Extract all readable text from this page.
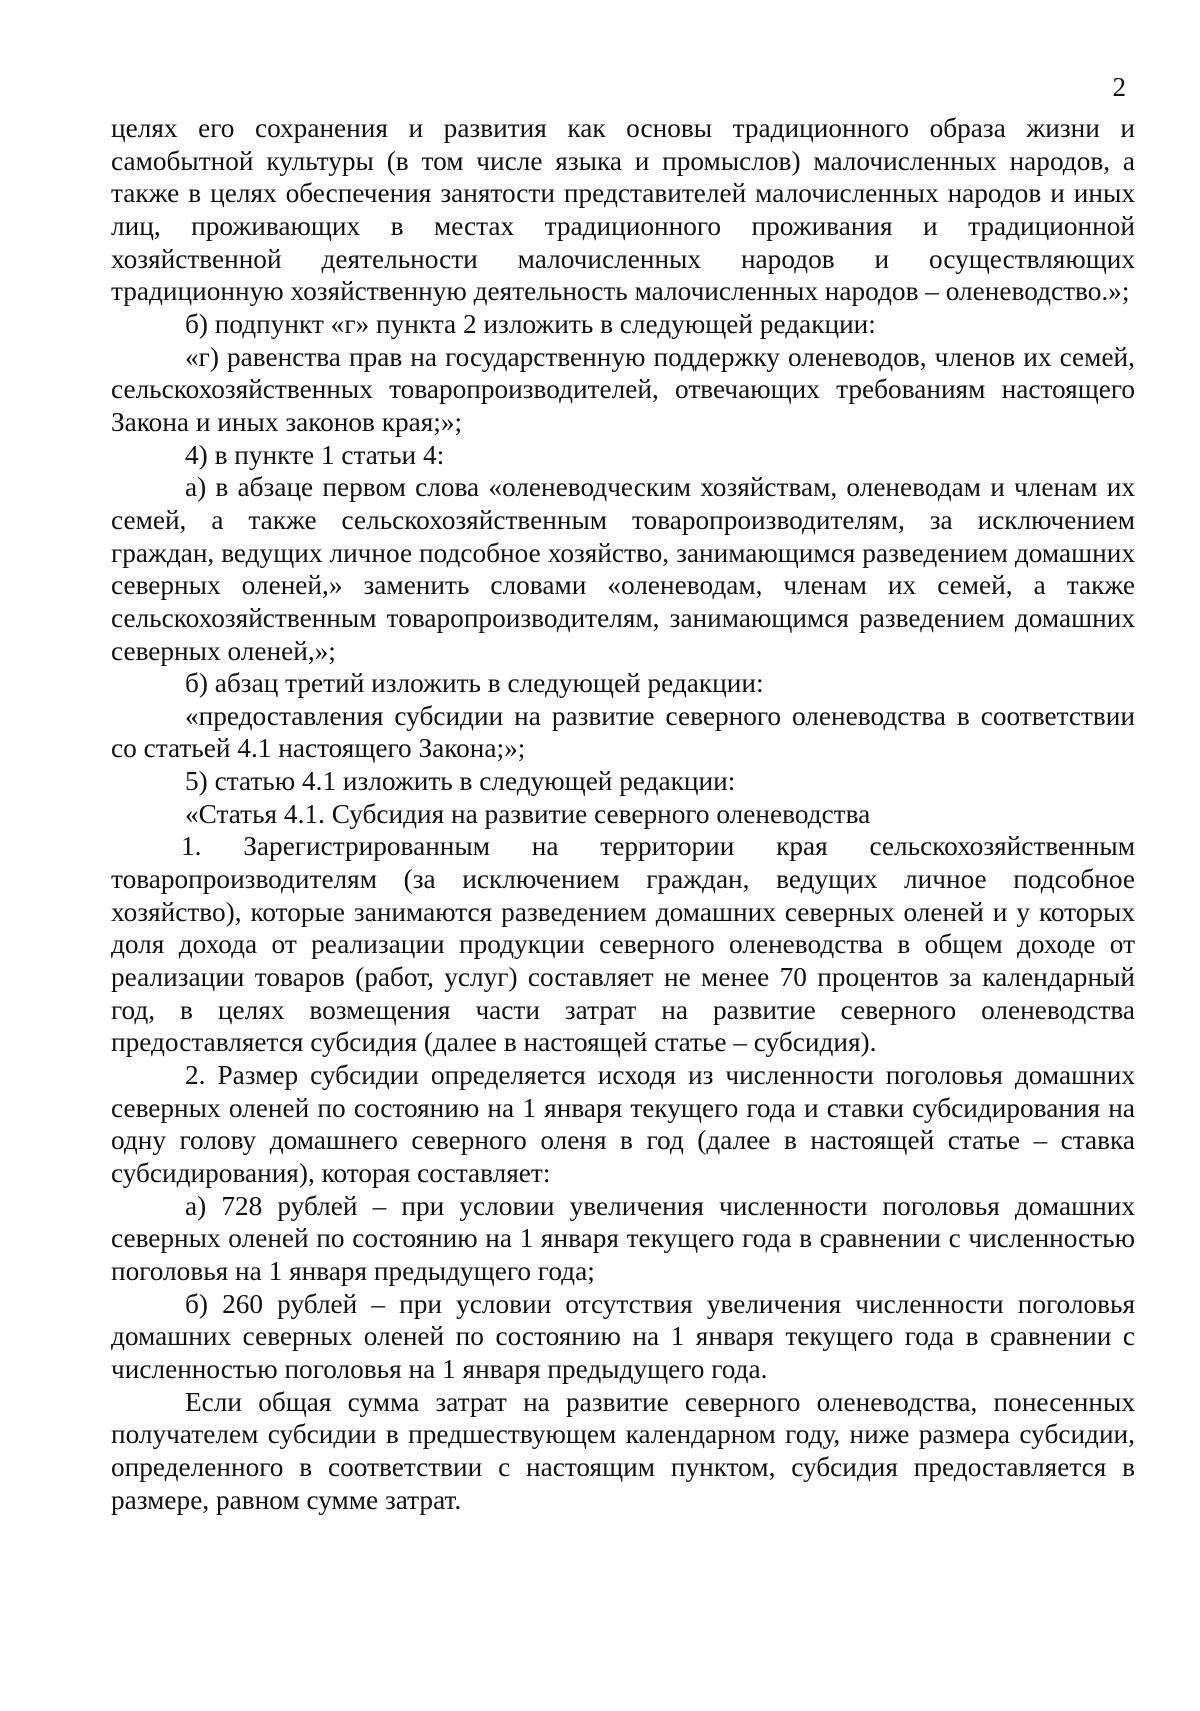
2

целях его сохранения и развития как основы традиционного образа жизни и самобытной культуры (в том числе языка и промыслов) малочисленных народов, а также в целях обеспечения занятости представителей малочисленных народов и иных лиц, проживающих в местах традиционного проживания и традиционной хозяйственной деятельности малочисленных народов и осуществляющих традиционную хозяйственную деятельность малочисленных народов – оленеводство.»;

б) подпункт «г» пункта 2 изложить в следующей редакции:

«г) равенства прав на государственную поддержку оленеводов, членов их семей, сельскохозяйственных товаропроизводителей, отвечающих требованиям настоящего Закона и иных законов края;»;

4) в пункте 1 статьи 4:

а) в абзаце первом слова «оленеводческим хозяйствам, оленеводам и членам их семей, а также сельскохозяйственным товаропроизводителям, за исключением граждан, ведущих личное подсобное хозяйство, занимающимся разведением домашних северных оленей,» заменить словами «оленеводам, членам их семей, а также сельскохозяйственным товаропроизводителям, занимающимся разведением домашних северных оленей,»;

б) абзац третий изложить в следующей редакции:

«предоставления субсидии на развитие северного оленеводства в соответствии со статьей 4.1 настоящего Закона;»;

5) статью 4.1 изложить в следующей редакции:

«Статья 4.1. Субсидия на развитие северного оленеводства

1. Зарегистрированным на территории края сельскохозяйственным товаропроизводителям (за исключением граждан, ведущих личное подсобное хозяйство), которые занимаются разведением домашних северных оленей и у которых доля дохода от реализации продукции северного оленеводства в общем доходе от реализации товаров (работ, услуг) составляет не менее 70 процентов за календарный год, в целях возмещения части затрат на развитие северного оленеводства предоставляется субсидия (далее в настоящей статье – субсидия).

2. Размер субсидии определяется исходя из численности поголовья домашних северных оленей по состоянию на 1 января текущего года и ставки субсидирования на одну голову домашнего северного оленя в год (далее в настоящей статье – ставка субсидирования), которая составляет:

а) 728 рублей – при условии увеличения численности поголовья домашних северных оленей по состоянию на 1 января текущего года в сравнении с численностью поголовья на 1 января предыдущего года;

б) 260 рублей – при условии отсутствия увеличения численности поголовья домашних северных оленей по состоянию на 1 января текущего года в сравнении с численностью поголовья на 1 января предыдущего года.

Если общая сумма затрат на развитие северного оленеводства, понесенных получателем субсидии в предшествующем календарном году, ниже размера субсидии, определенного в соответствии с настоящим пунктом, субсидия предоставляется в размере, равном сумме затрат.
